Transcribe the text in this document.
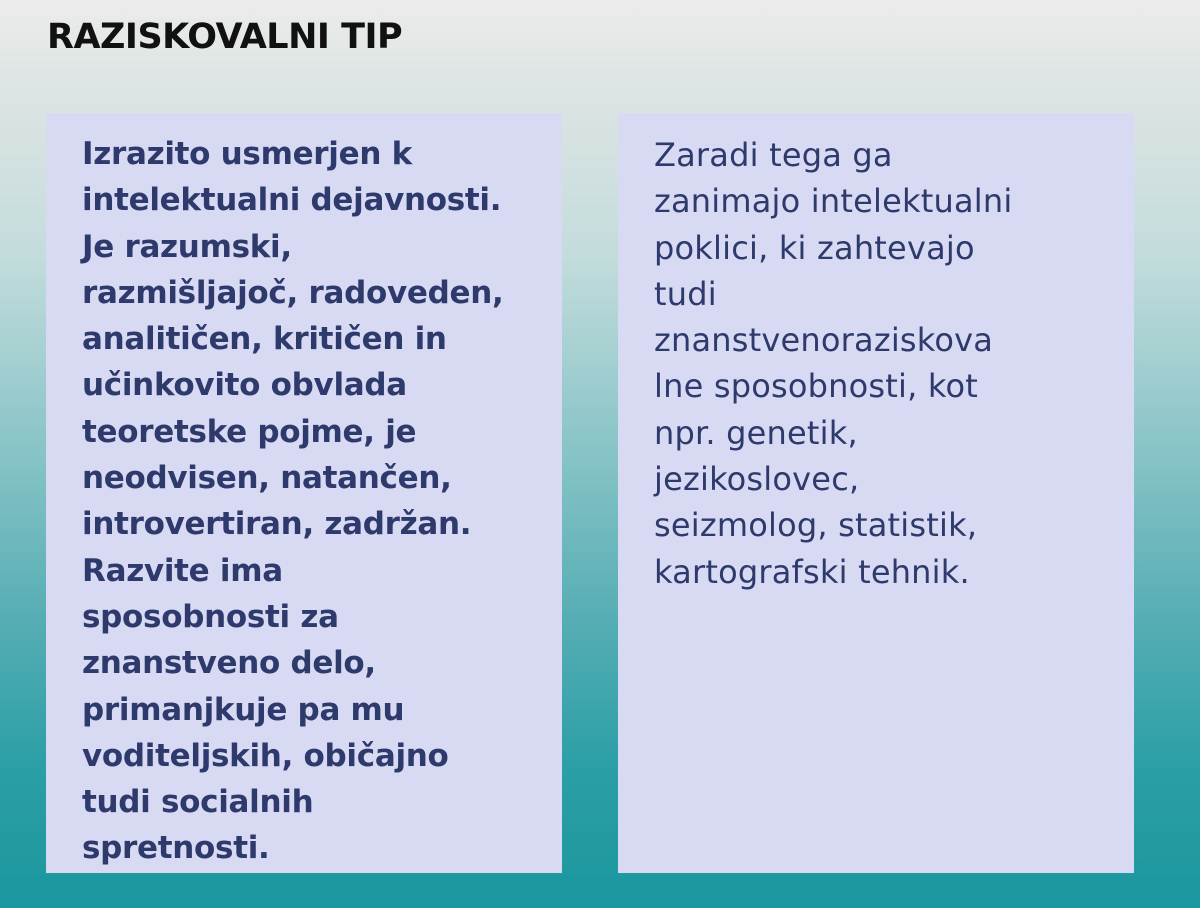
RAZISKOVALNI TIP

Izrazito usmerjen k
intelektualni dejavnosti.
Je razumski,
razmišljajoč, radoveden,
analitičen, kritičen in
učinkovito obvlada
teoretske pojme, je
neodvisen, natančen,
introvertiran, zadržan.
Razvite ima
sposobnosti za
znanstveno delo,
primanjkuje pa mu
voditeljskih, običajno
tudi socialnih
spretnosti.

Zaradi tega ga
zanimajo intelektualni
poklici, ki zahtevajo
tudi
znanstvenoraziskova
lne sposobnosti, kot
npr. genetik,
jezikoslovec,
seizmolog, statistik,
kartografski tehnik.
